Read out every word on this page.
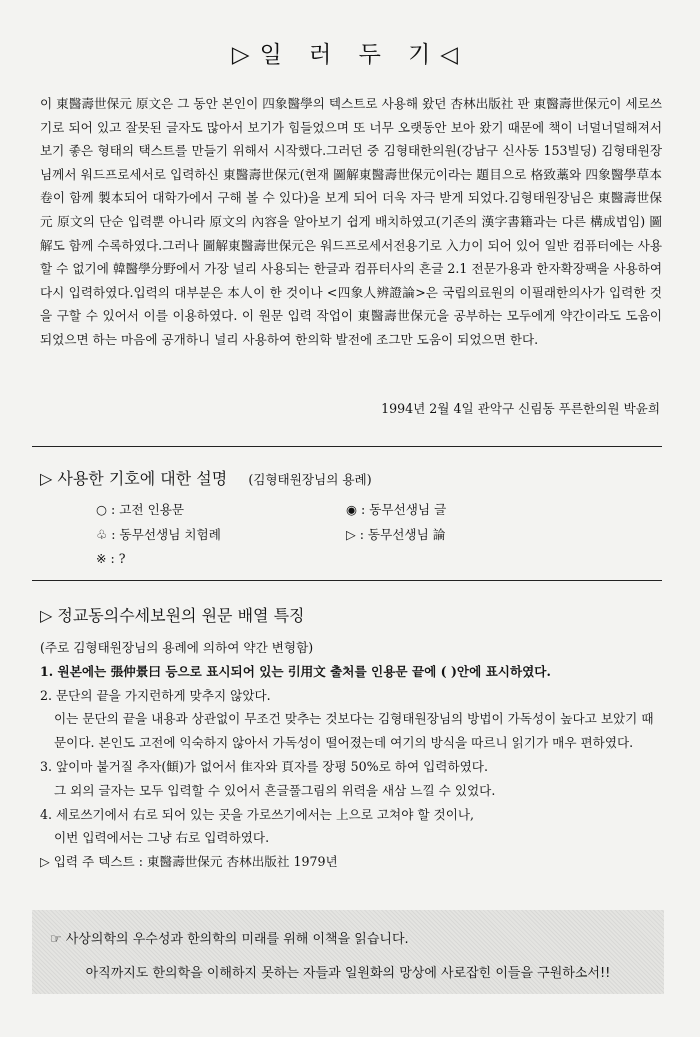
▷일 러 두 기◁
이 東醫壽世保元 原文은 그 동안 본인이 四象醫學의 텍스트로 사용해 왔던 杏林出版社 판 東醫壽世保元이 세로쓰기로 되어 있고 잘못된 글자도 많아서 보기가 힘들었으며 또 너무 오랫동안 보아 왔기 때문에 책이 너덜너덜해져서 보기 좋은 형태의 택스트를 만들기 위해서 시작했다.그러던 중 김형태한의원(강남구 신사동 153빌딩) 김형태원장님께서 워드프로세서로 입력하신 東醫壽世保元(현재 圖解東醫壽世保元이라는 題目으로 格致藁와 四象醫學草本卷이 함께 製本되어 대학가에서 구해 볼 수 있다)을 보게 되어 더욱 자극 받게 되었다.김형태원장님은 東醫壽世保元 原文의 단순 입력뿐 아니라 原文의 內容을 알아보기 쉽게 배치하였고(기존의 漢字書籍과는 다른 構成법임) 圖解도 함께 수록하였다.그러나 圖解東醫壽世保元은 워드프로세서전용기로 入力이 되어 있어 일반 컴퓨터에는 사용할 수 없기에 韓醫學分野에서 가장 널리 사용되는 한글과 컴퓨터사의 흔글 2.1 전문가용과 한자확장팩을 사용하여 다시 입력하였다.입력의 대부분은 本人이 한 것이나 <四象人辨證論>은 국립의료원의 이필래한의사가 입력한 것을 구할 수 있어서 이를 이용하였다. 이 원문 입력 작업이 東醫壽世保元을 공부하는 모두에게 약간이라도 도움이 되었으면 하는 마음에 공개하니 널리 사용하여 한의학 발전에 조그만 도움이 되었으면 한다.
1994년 2월 4일 관악구 신림동 푸른한의원 박윤희
▷ 사용한 기호에 대한 설명 (김형태원장님의 용례)
○ : 고전 인용문	◉ : 동무선생님 글
♧ : 동무선생님 치험례	▷ : 동무선생님 論
※ : ?
▷ 정교동의수세보원의 원문 배열 특징

(주로 김형태원장님의 용례에 의하여 약간 변형함)

1. 원본에는 張仲景曰 등으로 표시되어 있는 引用文 출처를 인용문 끝에 ( )안에 표시하였다.

2. 문단의 끝을 가지런하게 맞추지 않았다.

이는 문단의 끝을 내용과 상관없이 무조건 맞추는 것보다는 김형태원장님의 방법이 가독성이 높다고 보았기 때문이다. 본인도 고전에 익숙하지 않아서 가독성이 떨어졌는데 여기의 방식을 따르니 읽기가 매우 편하였다.

3. 앞이마 붙거질 추자(顀)가 없어서 隹자와 頁자를 장평 50%로 하여 입력하였다.

그 외의 글자는 모두 입력할 수 있어서 흔글풀그림의 위력을 새삼 느낄 수 있었다.

4. 세로쓰기에서 右로 되어 있는 곳을 가로쓰기에서는 上으로 고쳐야 할 것이나,

이번 입력에서는 그냥 右로 입력하였다.

▷ 입력 주 텍스트 : 東醫壽世保元 杏林出版社 1979년

☞ 사상의학의 우수성과 한의학의 미래를 위해 이책을 읽습니다.
아직까지도 한의학을 이해하지 못하는 자들과 일원화의 망상에 사로잡힌 이들을 구원하소서!!
